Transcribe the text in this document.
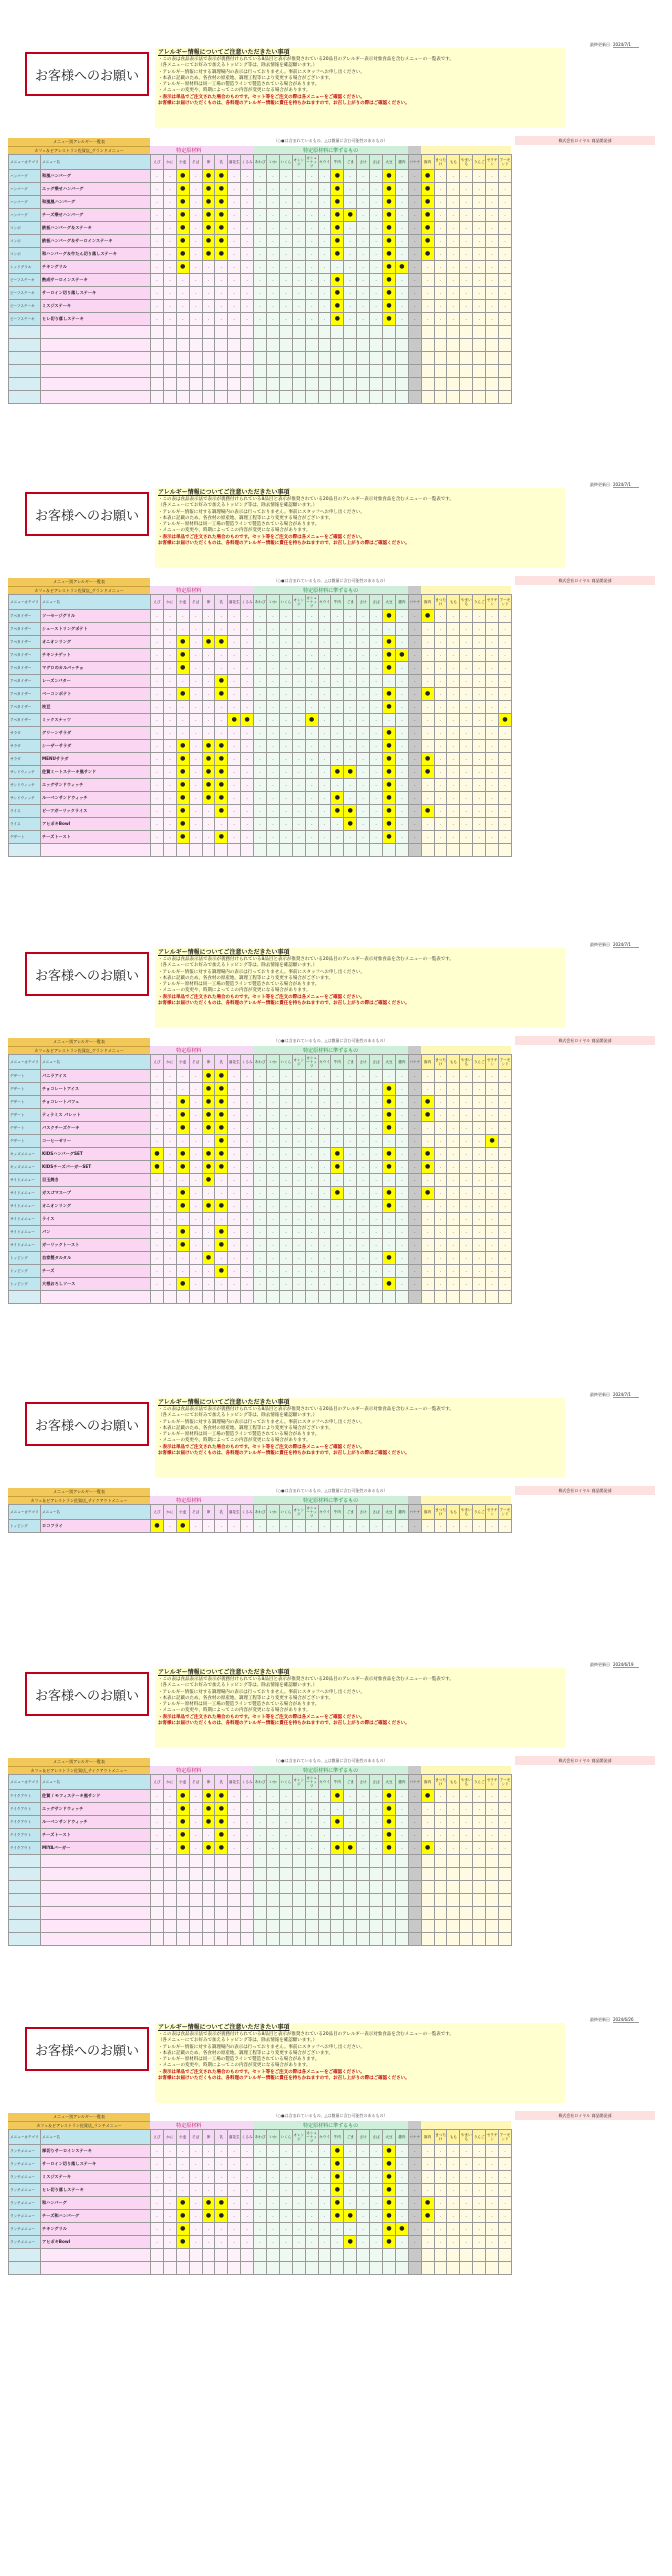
お客様へのお願い
アレルギー情報についてご注意いただきたい事項
・この表は食品表示法で表示が義務付けられている8品目と表示が推奨されている20品目のアレルギー表示対象食品を含むメニューの一覧表です。
（各メニューにてお好みで加えるトッピング等は、除去情報を確認願います。）
・アレルギー情報に対する調理場内の表示は行っておりません。事前にスタッフへお申し出ください。
・本表に記載のため、各食材の原産地、調理工程等により変更する場合がございます。
・アレルギー原材料は同一工場の製造ラインで製造されている場合があります。
・メニューの変更や、時期によってこの内容が変更になる場合があります。
・表示は単品でご注文された場合のものです。セット等をご注文の際は各メニューをご確認ください。
お客様にお届けいただくものは、各料理のアレルギー情報に責任を持ちかねますので、お召し上がりの際はご確認ください。
最終更新日 2024/7/1
メニュー別アレルギー一覧表
カフェ＆ビアレストラン佐賀店_グランドメニュー
（○●は含まれているもの、△は微量に含む可能性のあるもの）	株式会社ロイヤル 商品開発部
特定原材料	特定原材料に準ずるもの
メニューカテゴリ	メニュー名	えび	かに	小麦	そば	卵	乳	落花生	くるみ	あわび	いか	いくら	オレンジ	カシューナッツ	キウイ	牛肉	ごま	さけ	さば	大豆	鶏肉	バナナ	豚肉	まつたけ	もも	やまいも	りんご	ゼラチン	アーモンド
ハンバーグ	和風ハンバーグ	-	-	●	-	●	●	-	-	-	-	-	-	-	-	●	-	-	-	●	-	-	●	-	-	-	-	-	-
ハンバーグ	エッグ乗せハンバーグ	-	-	●	-	●	●	-	-	-	-	-	-	-	-	●	-	-	-	●	-	-	●	-	-	-	-	-	-
ハンバーグ	和風風ハンバーグ	-	-	●	-	●	●	-	-	-	-	-	-	-	-	●	-	-	-	●	-	-	●	-	-	-	-	-	-
ハンバーグ	チーズ乗せハンバーグ	-	-	●	-	●	●	-	-	-	-	-	-	-	-	●	●	-	-	●	-	-	●	-	-	-	-	-	-
コンボ	鉄板ハンバーグ＆ステーキ	-	-	●	-	●	●	-	-	-	-	-	-	-	-	●	-	-	-	●	-	-	●	-	-	-	-	-	-
コンボ	鉄板ハンバーグ＆サーロインステーキ	-	-	●	-	●	●	-	-	-	-	-	-	-	-	●	-	-	-	●	-	-	●	-	-	-	-	-	-
コンボ	和ハンバーグ＆牛たん切り落しステーキ	-	-	●	-	●	●	-	-	-	-	-	-	-	-	●	-	-	-	●	-	-	●	-	-	-	-	-	-
レッドグリル	チキングリル	-	-	●	-	-	-	-	-	-	-	-	-	-	-	-	-	-	-	●	●	-	-	-	-	-	-	-	-
ビーフステーキ	熟成サーロインステーキ	-	-	-	-	-	-	-	-	-	-	-	-	-	-	●	-	-	-	●	-	-	-	-	-	-	-	-	-
ビーフステーキ	サーロイン切り落しステーキ	-	-	-	-	-	-	-	-	-	-	-	-	-	-	●	-	-	-	●	-	-	-	-	-	-	-	-	-
ビーフステーキ	ミスジステーキ	-	-	-	-	-	-	-	-	-	-	-	-	-	-	●	-	-	-	●	-	-	-	-	-	-	-	-	-
ビーフステーキ	ヒレ切り落しステーキ	-	-	-	-	-	-	-	-	-	-	-	-	-	-	●	-	-	-	●	-	-	-	-	-	-	-	-	-

お客様へのお願い
アレルギー情報についてご注意いただきたい事項
・この表は食品表示法で表示が義務付けられている8品目と表示が推奨されている20品目のアレルギー表示対象食品を含むメニューの一覧表です。
（各メニューにてお好みで加えるトッピング等は、除去情報を確認願います。）
・アレルギー情報に対する調理場内の表示は行っておりません。事前にスタッフへお申し出ください。
・本表に記載のため、各食材の原産地、調理工程等により変更する場合がございます。
・アレルギー原材料は同一工場の製造ラインで製造されている場合があります。
・メニューの変更や、時期によってこの内容が変更になる場合があります。
・表示は単品でご注文された場合のものです。セット等をご注文の際は各メニューをご確認ください。
お客様にお届けいただくものは、各料理のアレルギー情報に責任を持ちかねますので、お召し上がりの際はご確認ください。
最終更新日 2024/7/1
メニュー別アレルギー一覧表
カフェ＆ビアレストラン佐賀店_グランドメニュー
（○●は含まれているもの、△は微量に含む可能性のあるもの）	株式会社ロイヤル 商品開発部
特定原材料	特定原材料に準ずるもの
メニューカテゴリ	メニュー名	えび	かに	小麦	そば	卵	乳	落花生	くるみ	あわび	いか	いくら	オレンジ	カシューナッツ	キウイ	牛肉	ごま	さけ	さば	大豆	鶏肉	バナナ	豚肉	まつたけ	もも	やまいも	りんご	ゼラチン	アーモンド
アペタイザー	ソーセージグリル	-	-	-	-	-	-	-	-	-	-	-	-	-	-	-	-	-	-	●	-	-	●	-	-	-	-	-	-
アペタイザー	シューストリングポテト	-	-	-	-	-	-	-	-	-	-	-	-	-	-	-	-	-	-	-	-	-	-	-	-	-	-	-	-
アペタイザー	オニオンリング	-	-	●	-	●	●	-	-	-	-	-	-	-	-	-	-	-	-	●	-	-	-	-	-	-	-	-	-
アペタイザー	チキンナゲット	-	-	●	-	-	-	-	-	-	-	-	-	-	-	-	-	-	-	●	●	-	-	-	-	-	-	-	-
アペタイザー	マグロのカルパッチョ	-	-	●	-	-	-	-	-	-	-	-	-	-	-	-	-	-	-	●	-	-	-	-	-	-	-	-	-
アペタイザー	レーズンバター	-	-	-	-	-	●	-	-	-	-	-	-	-	-	-	-	-	-	-	-	-	-	-	-	-	-	-	-
アペタイザー	ベーコンポテト	-	-	●	-	-	●	-	-	-	-	-	-	-	-	-	-	-	-	●	-	-	●	-	-	-	-	-	-
アペタイザー	枝豆	-	-	-	-	-	-	-	-	-	-	-	-	-	-	-	-	-	-	●	-	-	-	-	-	-	-	-	-
アペタイザー	ミックスナッツ	-	-	-	-	-	-	●	●	-	-	-	-	●	-	-	-	-	-	-	-	-	-	-	-	-	-	-	●
サラダ	グリーンサラダ	-	-	-	-	-	-	-	-	-	-	-	-	-	-	-	-	-	-	●	-	-	-	-	-	-	-	-	-
サラダ	シーザーサラダ	-	-	●	-	●	●	-	-	-	-	-	-	-	-	-	-	-	-	●	-	-	-	-	-	-	-	-	-
サラダ	MENUサラダ	-	-	●	-	●	●	-	-	-	-	-	-	-	-	-	-	-	-	●	-	-	●	-	-	-	-	-	-
サンドウィッチ	佐賀ミートステーキ風サンド	-	-	●	-	●	●	-	-	-	-	-	-	-	-	●	●	-	-	●	-	-	●	-	-	-	-	-	-
サンドウィッチ	エッグサンドウィッチ	-	-	●	-	●	●	-	-	-	-	-	-	-	-	-	-	-	-	●	-	-	-	-	-	-	-	-	-
サンドウィッチ	ルーベンサンドウィッチ	-	-	●	-	●	●	-	-	-	-	-	-	-	-	●	-	-	-	●	-	-	-	-	-	-	-	-	-
ライス	ビーフガーリックライス	-	-	●	-	-	●	-	-	-	-	-	-	-	-	●	●	-	-	●	-	-	●	-	-	-	-	-	-
ライス	アヒポキBowl	-	-	●	-	-	-	-	-	-	-	-	-	-	-	-	●	-	-	●	-	-	-	-	-	-	-	-	-
デザート	チーズトースト	-	-	●	-	-	●	-	-	-	-	-	-	-	-	-	-	-	-	●	-	-	-	-	-	-	-	-	-

お客様へのお願い
アレルギー情報についてご注意いただきたい事項
・この表は食品表示法で表示が義務付けられている8品目と表示が推奨されている20品目のアレルギー表示対象食品を含むメニューの一覧表です。
（各メニューにてお好みで加えるトッピング等は、除去情報を確認願います。）
・アレルギー情報に対する調理場内の表示は行っておりません。事前にスタッフへお申し出ください。
・本表に記載のため、各食材の原産地、調理工程等により変更する場合がございます。
・アレルギー原材料は同一工場の製造ラインで製造されている場合があります。
・メニューの変更や、時期によってこの内容が変更になる場合があります。
・表示は単品でご注文された場合のものです。セット等をご注文の際は各メニューをご確認ください。
お客様にお届けいただくものは、各料理のアレルギー情報に責任を持ちかねますので、お召し上がりの際はご確認ください。
最終更新日 2024/7/1
メニュー別アレルギー一覧表
カフェ＆ビアレストラン佐賀店_グランドメニュー
（○●は含まれているもの、△は微量に含む可能性のあるもの）	株式会社ロイヤル 商品開発部
特定原材料	特定原材料に準ずるもの
メニューカテゴリ	メニュー名	えび	かに	小麦	そば	卵	乳	落花生	くるみ	あわび	いか	いくら	オレンジ	カシューナッツ	キウイ	牛肉	ごま	さけ	さば	大豆	鶏肉	バナナ	豚肉	まつたけ	もも	やまいも	りんご	ゼラチン	アーモンド
デザート	バニラアイス	-	-	-	-	●	●	-	-	-	-	-	-	-	-	-	-	-	-	-	-	-	-	-	-	-	-	-	-
デザート	チョコレートアイス	-	-	-	-	●	●	-	-	-	-	-	-	-	-	-	-	-	-	●	-	-	-	-	-	-	-	-	-
デザート	チョコレートパフェ	-	-	●	-	●	●	-	-	-	-	-	-	-	-	-	-	-	-	●	-	-	●	-	-	-	-	-	-
デザート	ティラミス パレット	-	-	●	-	●	●	-	-	-	-	-	-	-	-	-	-	-	-	●	-	-	●	-	-	-	-	-	-
デザート	バスクチーズケーキ	-	-	●	-	●	●	-	-	-	-	-	-	-	-	-	-	-	-	●	-	-	-	-	-	-	-	-	-
デザート	コーヒーゼリー	-	-	-	-	-	●	-	-	-	-	-	-	-	-	-	-	-	-	-	-	-	-	-	-	-	-	●	-
キッズメニュー	KIDSハンバーグSET	●	-	●	-	●	●	-	-	-	-	-	-	-	-	●	-	-	-	●	-	-	●	-	-	-	-	-	-
キッズメニュー	KIDSチーズバーガーSET	●	-	●	-	●	●	-	-	-	-	-	-	-	-	●	-	-	-	●	-	-	●	-	-	-	-	-	-
サイドメニュー	目玉焼き	-	-	-	-	●	-	-	-	-	-	-	-	-	-	-	-	-	-	-	-	-	-	-	-	-	-	-	-
サイドメニュー	ガスゴマスープ	-	-	●	-	-	-	-	-	-	-	-	-	-	-	●	-	-	-	●	-	-	●	-	-	-	-	-	-
サイドメニュー	オニオンリング	-	-	●	-	●	●	-	-	-	-	-	-	-	-	-	-	-	-	●	-	-	-	-	-	-	-	-	-
サイドメニュー	ライス	-	-	-	-	-	-	-	-	-	-	-	-	-	-	-	-	-	-	-	-	-	-	-	-	-	-	-	-
サイドメニュー	パン	-	-	●	-	-	●	-	-	-	-	-	-	-	-	-	-	-	-	-	-	-	-	-	-	-	-	-	-
サイドメニュー	ガーリックトースト	-	-	●	-	-	●	-	-	-	-	-	-	-	-	-	-	-	-	-	-	-	-	-	-	-	-	-	-
トッピング	自家製タルタル	-	-	-	-	●	-	-	-	-	-	-	-	-	-	-	-	-	-	●	-	-	-	-	-	-	-	-	-
トッピング	チーズ	-	-	-	-	-	●	-	-	-	-	-	-	-	-	-	-	-	-	-	-	-	-	-	-	-	-	-	-
トッピング	大根おろしソース	-	-	●	-	-	-	-	-	-	-	-	-	-	-	-	-	-	-	●	-	-	-	-	-	-	-	-	-

お客様へのお願い
アレルギー情報についてご注意いただきたい事項
・この表は食品表示法で表示が義務付けられている8品目と表示が推奨されている20品目のアレルギー表示対象食品を含むメニューの一覧表です。
（各メニューにてお好みで加えるトッピング等は、除去情報を確認願います。）
・アレルギー情報に対する調理場内の表示は行っておりません。事前にスタッフへお申し出ください。
・本表に記載のため、各食材の原産地、調理工程等により変更する場合がございます。
・アレルギー原材料は同一工場の製造ラインで製造されている場合があります。
・メニューの変更や、時期によってこの内容が変更になる場合があります。
・表示は単品でご注文された場合のものです。セット等をご注文の際は各メニューをご確認ください。
お客様にお届けいただくものは、各料理のアレルギー情報に責任を持ちかねますので、お召し上がりの際はご確認ください。
最終更新日 2024/7/1
メニュー別アレルギー一覧表
カフェ＆ビアレストラン佐賀店_テイクアウトメニュー
（○●は含まれているもの、△は微量に含む可能性のあるもの）	株式会社ロイヤル 商品開発部
特定原材料	特定原材料に準ずるもの
メニューカテゴリ	メニュー名	えび	かに	小麦	そば	卵	乳	落花生	くるみ	あわび	いか	いくら	オレンジ	カシューナッツ	キウイ	牛肉	ごま	さけ	さば	大豆	鶏肉	バナナ	豚肉	まつたけ	もも	やまいも	りんご	ゼラチン	アーモンド
トッピング	ロコフライ	●	-	●	-	-	-	-	-	-	-	-	-	-	-	-	-	-	-	-	-	-	-	-	-	-	-	-	-
お客様へのお願い
アレルギー情報についてご注意いただきたい事項
・この表は食品表示法で表示が義務付けられている8品目と表示が推奨されている20品目のアレルギー表示対象食品を含むメニューの一覧表です。
（各メニューにてお好みで加えるトッピング等は、除去情報を確認願います。）
・アレルギー情報に対する調理場内の表示は行っておりません。事前にスタッフへお申し出ください。
・本表に記載のため、各食材の原産地、調理工程等により変更する場合がございます。
・アレルギー原材料は同一工場の製造ラインで製造されている場合があります。
・メニューの変更や、時期によってこの内容が変更になる場合があります。
・表示は単品でご注文された場合のものです。セット等をご注文の際は各メニューをご確認ください。
お客様にお届けいただくものは、各料理のアレルギー情報に責任を持ちかねますので、お召し上がりの際はご確認ください。
最終更新日 2024/6/19
メニュー別アレルギー一覧表
カフェ＆ビアレストラン佐賀店_テイクアウトメニュー
（○●は含まれているもの、△は微量に含む可能性のあるもの）	株式会社ロイヤル 商品開発部
特定原材料	特定原材料に準ずるもの
メニューカテゴリ	メニュー名	えび	かに	小麦	そば	卵	乳	落花生	くるみ	あわび	いか	いくら	オレンジ	カシューナッツ	キウイ	牛肉	ごま	さけ	さば	大豆	鶏肉	バナナ	豚肉	まつたけ	もも	やまいも	りんご	ゼラチン	アーモンド
テイクアウト	佐賀 / モフィステーキ風サンド	-	-	●	-	●	●	-	-	-	-	-	-	-	-	●	-	-	-	●	-	-	●	-	-	-	-	-	-
テイクアウト	エッグサンドウィッチ	-	-	●	-	●	●	-	-	-	-	-	-	-	-	-	-	-	-	●	-	-	-	-	-	-	-	-	-
テイクアウト	ルーベンサンドウィッチ	-	-	●	-	●	●	-	-	-	-	-	-	-	-	●	-	-	-	●	-	-	-	-	-	-	-	-	-
テイクアウト	チーズトースト	-	-	●	-	-	●	-	-	-	-	-	-	-	-	-	-	-	-	●	-	-	-	-	-	-	-	-	-
テイクアウト	MIYAバーガー	-	-	●	-	●	●	-	-	-	-	-	-	-	-	●	●	-	-	●	-	-	●	-	-	-	-	-	-

お客様へのお願い
アレルギー情報についてご注意いただきたい事項
・この表は食品表示法で表示が義務付けられている8品目と表示が推奨されている20品目のアレルギー表示対象食品を含むメニューの一覧表です。
（各メニューにてお好みで加えるトッピング等は、除去情報を確認願います。）
・アレルギー情報に対する調理場内の表示は行っておりません。事前にスタッフへお申し出ください。
・本表に記載のため、各食材の原産地、調理工程等により変更する場合がございます。
・アレルギー原材料は同一工場の製造ラインで製造されている場合があります。
・メニューの変更や、時期によってこの内容が変更になる場合があります。
・表示は単品でご注文された場合のものです。セット等をご注文の際は各メニューをご確認ください。
お客様にお届けいただくものは、各料理のアレルギー情報に責任を持ちかねますので、お召し上がりの際はご確認ください。
最終更新日 2024/6/26
メニュー別アレルギー一覧表
カフェ＆ビアレストラン佐賀店_ランチメニュー
（○●は含まれているもの、△は微量に含む可能性のあるもの）	株式会社ロイヤル 商品開発部
特定原材料	特定原材料に準ずるもの
メニューカテゴリ	メニュー名	えび	かに	小麦	そば	卵	乳	落花生	くるみ	あわび	いか	いくら	オレンジ	カシューナッツ	キウイ	牛肉	ごま	さけ	さば	大豆	鶏肉	バナナ	豚肉	まつたけ	もも	やまいも	りんご	ゼラチン	アーモンド
ランチメニュー	厚切りサーロインステーキ	-	-	-	-	-	-	-	-	-	-	-	-	-	-	●	-	-	-	●	-	-	-	-	-	-	-	-	-
ランチメニュー	サーロイン切り落しステーキ	-	-	-	-	-	-	-	-	-	-	-	-	-	-	●	-	-	-	●	-	-	-	-	-	-	-	-	-
ランチメニュー	ミスジステーキ	-	-	-	-	-	-	-	-	-	-	-	-	-	-	●	-	-	-	●	-	-	-	-	-	-	-	-	-
ランチメニュー	ヒレ切り落しステーキ	-	-	-	-	-	-	-	-	-	-	-	-	-	-	●	-	-	-	●	-	-	-	-	-	-	-	-	-
ランチメニュー	和ハンバーグ	-	-	●	-	●	●	-	-	-	-	-	-	-	-	●	-	-	-	●	-	-	●	-	-	-	-	-	-
ランチメニュー	チーズ和ハンバーグ	-	-	●	-	●	●	-	-	-	-	-	-	-	-	●	●	-	-	●	-	-	●	-	-	-	-	-	-
ランチメニュー	チキングリル	-	-	●	-	-	-	-	-	-	-	-	-	-	-	-	-	-	-	●	●	-	-	-	-	-	-	-	-
ランチメニュー	アヒポキBowl	-	-	●	-	-	-	-	-	-	-	-	-	-	-	-	●	-	-	●	-	-	-	-	-	-	-	-	-
